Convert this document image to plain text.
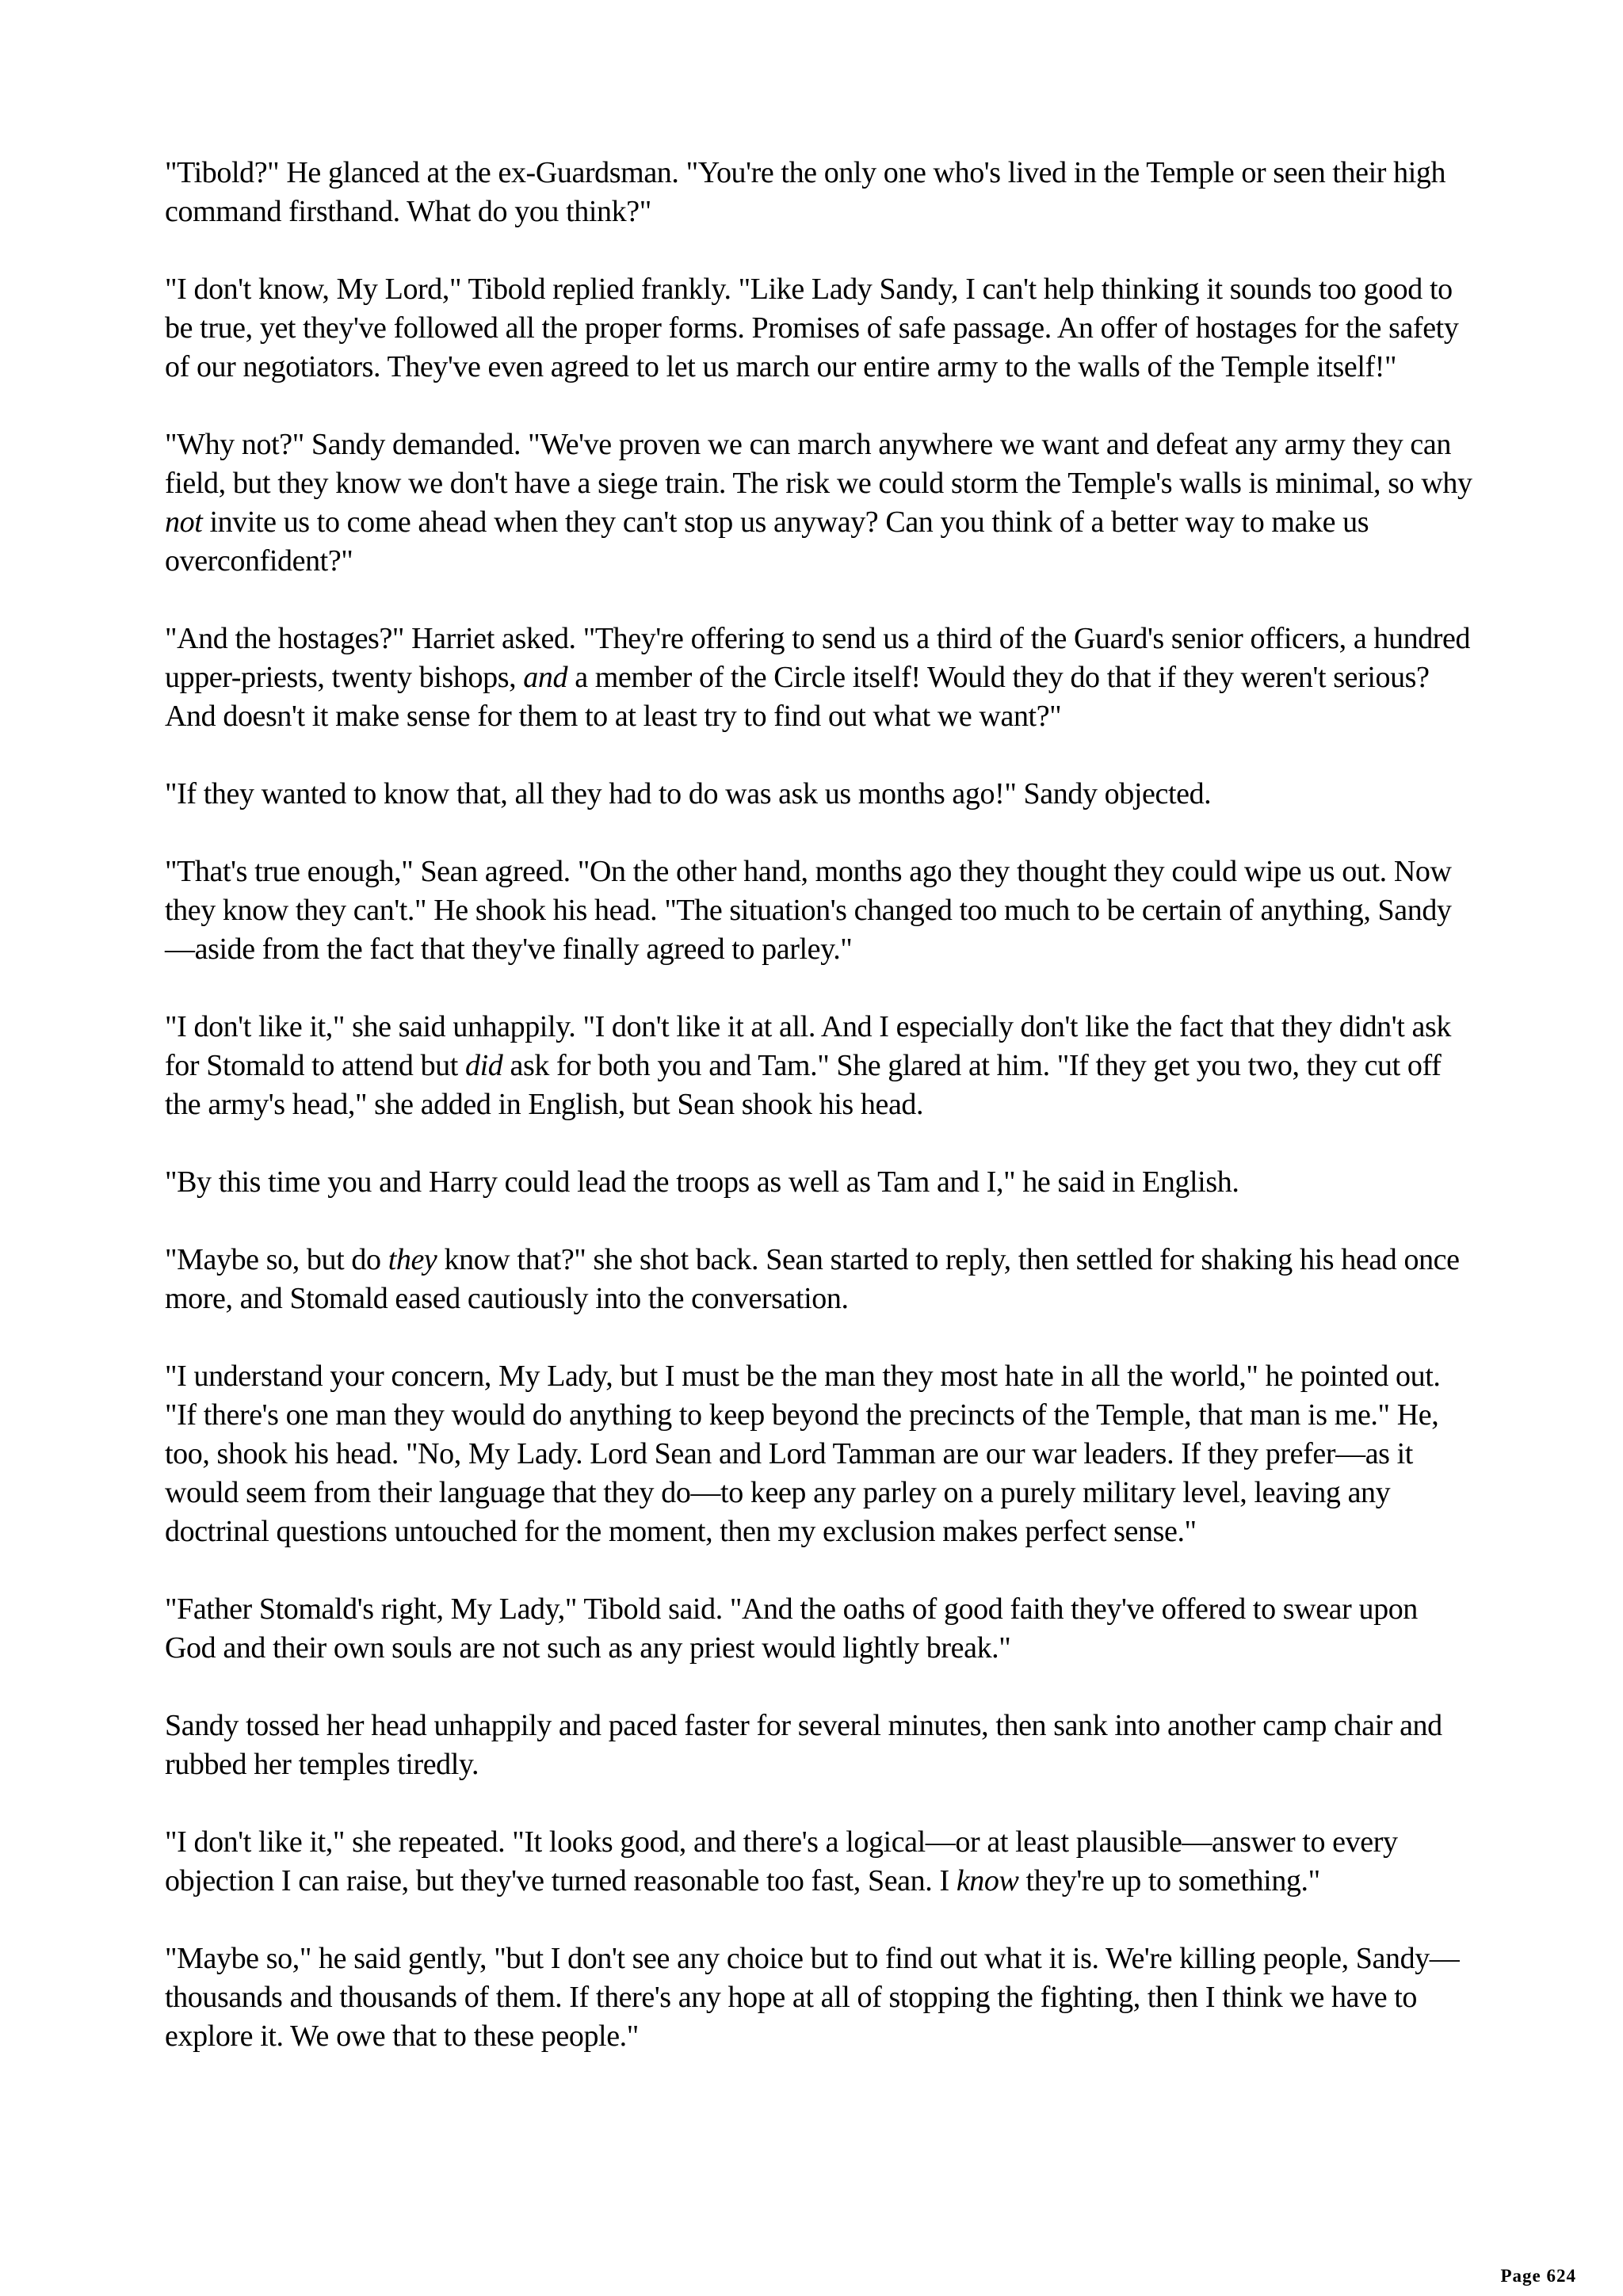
"Tibold?" He glanced at the ex-Guardsman. "You're the only one who's lived in the Temple or seen their high command firsthand. What do you think?"

"I don't know, My Lord," Tibold replied frankly. "Like Lady Sandy, I can't help thinking it sounds too good to be true, yet they've followed all the proper forms. Promises of safe passage. An offer of hostages for the safety of our negotiators. They've even agreed to let us march our entire army to the walls of the Temple itself!"

"Why not?" Sandy demanded. "We've proven we can march anywhere we want and defeat any army they can field, but they know we don't have a siege train. The risk we could storm the Temple's walls is minimal, so why not invite us to come ahead when they can't stop us anyway? Can you think of a better way to make us overconfident?"

"And the hostages?" Harriet asked. "They're offering to send us a third of the Guard's senior officers, a hundred upper-priests, twenty bishops, and a member of the Circle itself! Would they do that if they weren't serious? And doesn't it make sense for them to at least try to find out what we want?"

"If they wanted to know that, all they had to do was ask us months ago!" Sandy objected.

"That's true enough," Sean agreed. "On the other hand, months ago they thought they could wipe us out. Now they know they can't." He shook his head. "The situation's changed too much to be certain of anything, Sandy—aside from the fact that they've finally agreed to parley."

"I don't like it," she said unhappily. "I don't like it at all. And I especially don't like the fact that they didn't ask for Stomald to attend but did ask for both you and Tam." She glared at him. "If they get you two, they cut off the army's head," she added in English, but Sean shook his head.

"By this time you and Harry could lead the troops as well as Tam and I," he said in English.

"Maybe so, but do they know that?" she shot back. Sean started to reply, then settled for shaking his head once more, and Stomald eased cautiously into the conversation.

"I understand your concern, My Lady, but I must be the man they most hate in all the world," he pointed out. "If there's one man they would do anything to keep beyond the precincts of the Temple, that man is me." He, too, shook his head. "No, My Lady. Lord Sean and Lord Tamman are our war leaders. If they prefer—as it would seem from their language that they do—to keep any parley on a purely military level, leaving any doctrinal questions untouched for the moment, then my exclusion makes perfect sense."

"Father Stomald's right, My Lady," Tibold said. "And the oaths of good faith they've offered to swear upon God and their own souls are not such as any priest would lightly break."

Sandy tossed her head unhappily and paced faster for several minutes, then sank into another camp chair and rubbed her temples tiredly.

"I don't like it," she repeated. "It looks good, and there's a logical—or at least plausible—answer to every objection I can raise, but they've turned reasonable too fast, Sean. I know they're up to something."

"Maybe so," he said gently, "but I don't see any choice but to find out what it is. We're killing people, Sandy—thousands and thousands of them. If there's any hope at all of stopping the fighting, then I think we have to explore it. We owe that to these people."

Page 624
